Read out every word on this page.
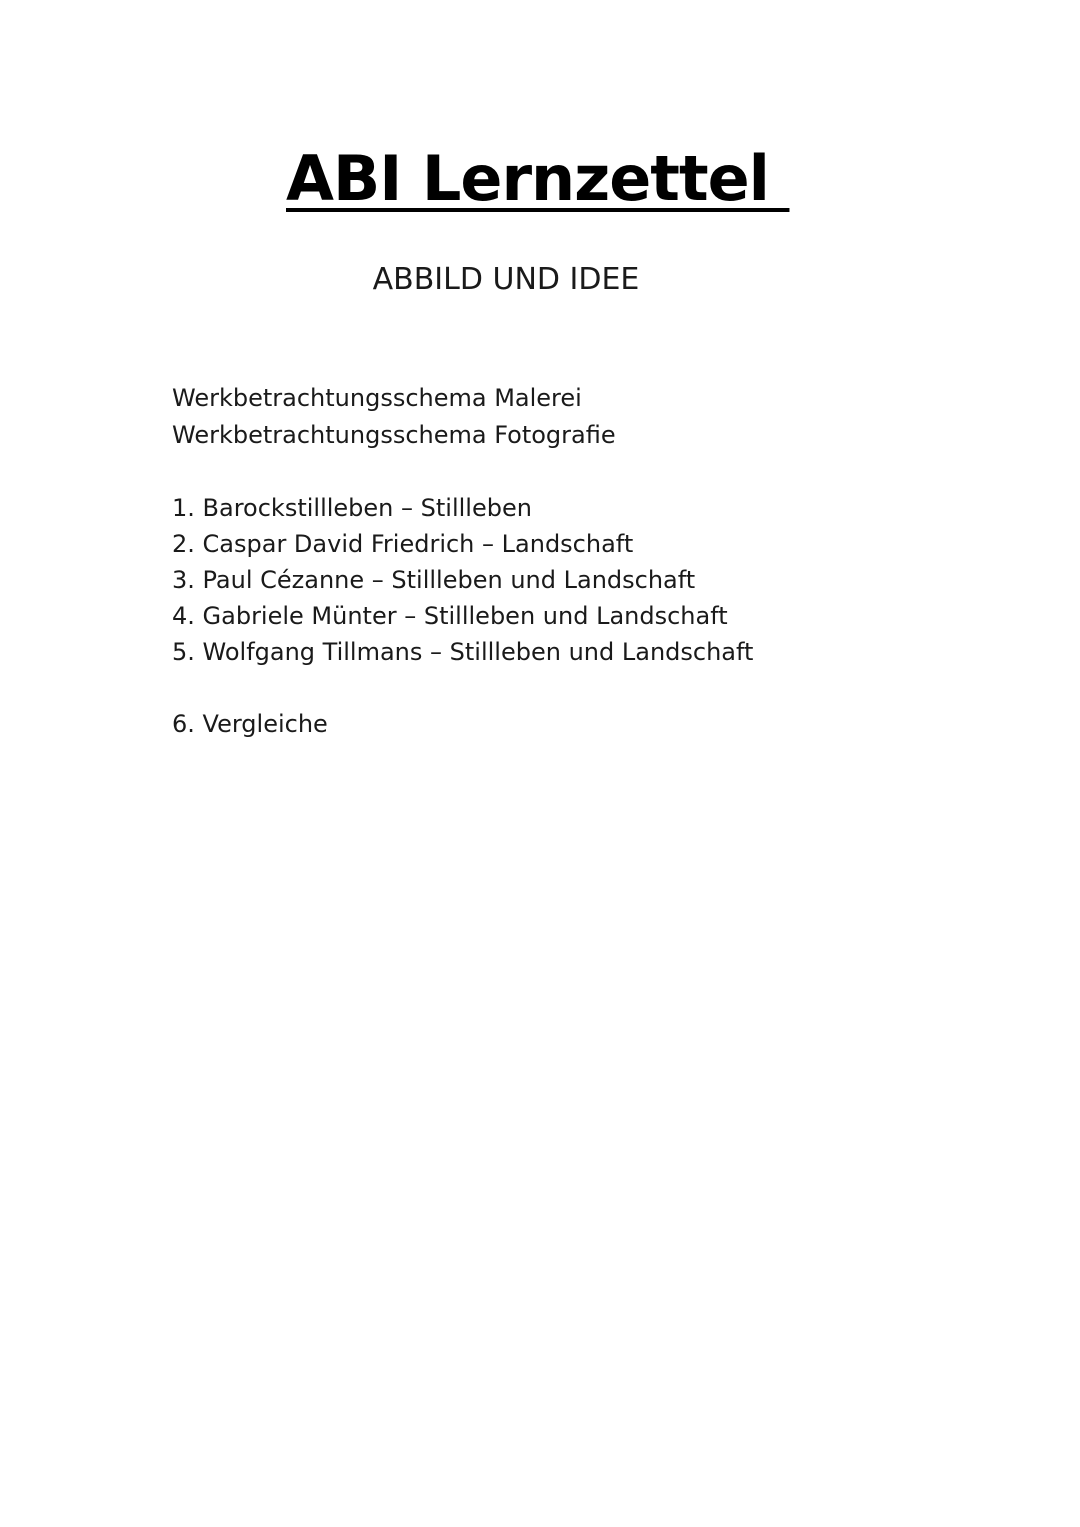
ABI Lernzettel

ABBILD UND IDEE

Werkbetrachtungsschema Malerei

Werkbetrachtungsschema Fotografie

1. Barockstillleben – Stillleben
2. Caspar David Friedrich – Landschaft
3. Paul Cézanne – Stillleben und Landschaft
4. Gabriele Münter – Stillleben und Landschaft
5. Wolfgang Tillmans – Stillleben und Landschaft

6. Vergleiche
